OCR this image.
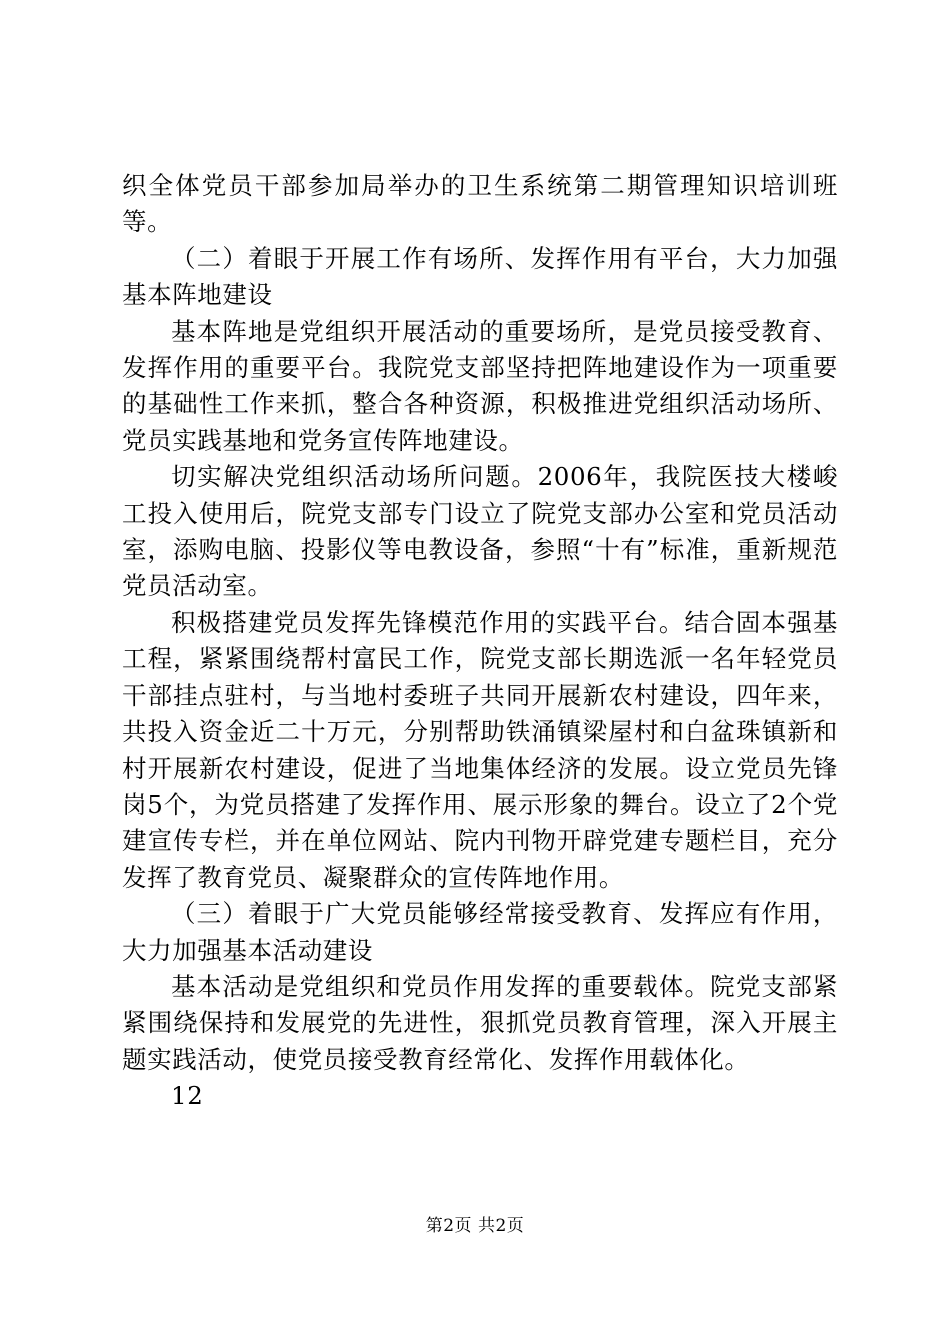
织全体党员干部参加局举办的卫生系统第二期管理知识培训班等。

（二）着眼于开展工作有场所、发挥作用有平台，大力加强基本阵地建设

基本阵地是党组织开展活动的重要场所，是党员接受教育、发挥作用的重要平台。我院党支部坚持把阵地建设作为一项重要的基础性工作来抓，整合各种资源，积极推进党组织活动场所、党员实践基地和党务宣传阵地建设。

切实解决党组织活动场所问题。2006年，我院医技大楼峻工投入使用后，院党支部专门设立了院党支部办公室和党员活动室，添购电脑、投影仪等电教设备，参照“十有”标准，重新规范党员活动室。

积极搭建党员发挥先锋模范作用的实践平台。结合固本强基工程，紧紧围绕帮村富民工作，院党支部长期选派一名年轻党员干部挂点驻村，与当地村委班子共同开展新农村建设，四年来，共投入资金近二十万元，分别帮助铁涌镇梁屋村和白盆珠镇新和村开展新农村建设，促进了当地集体经济的发展。设立党员先锋岗5个，为党员搭建了发挥作用、展示形象的舞台。设立了2个党建宣传专栏，并在单位网站、院内刊物开辟党建专题栏目，充分发挥了教育党员、凝聚群众的宣传阵地作用。

（三）着眼于广大党员能够经常接受教育、发挥应有作用，大力加强基本活动建设

基本活动是党组织和党员作用发挥的重要载体。院党支部紧紧围绕保持和发展党的先进性，狠抓党员教育管理，深入开展主题实践活动，使党员接受教育经常化、发挥作用载体化。

12

第2页 共2页
